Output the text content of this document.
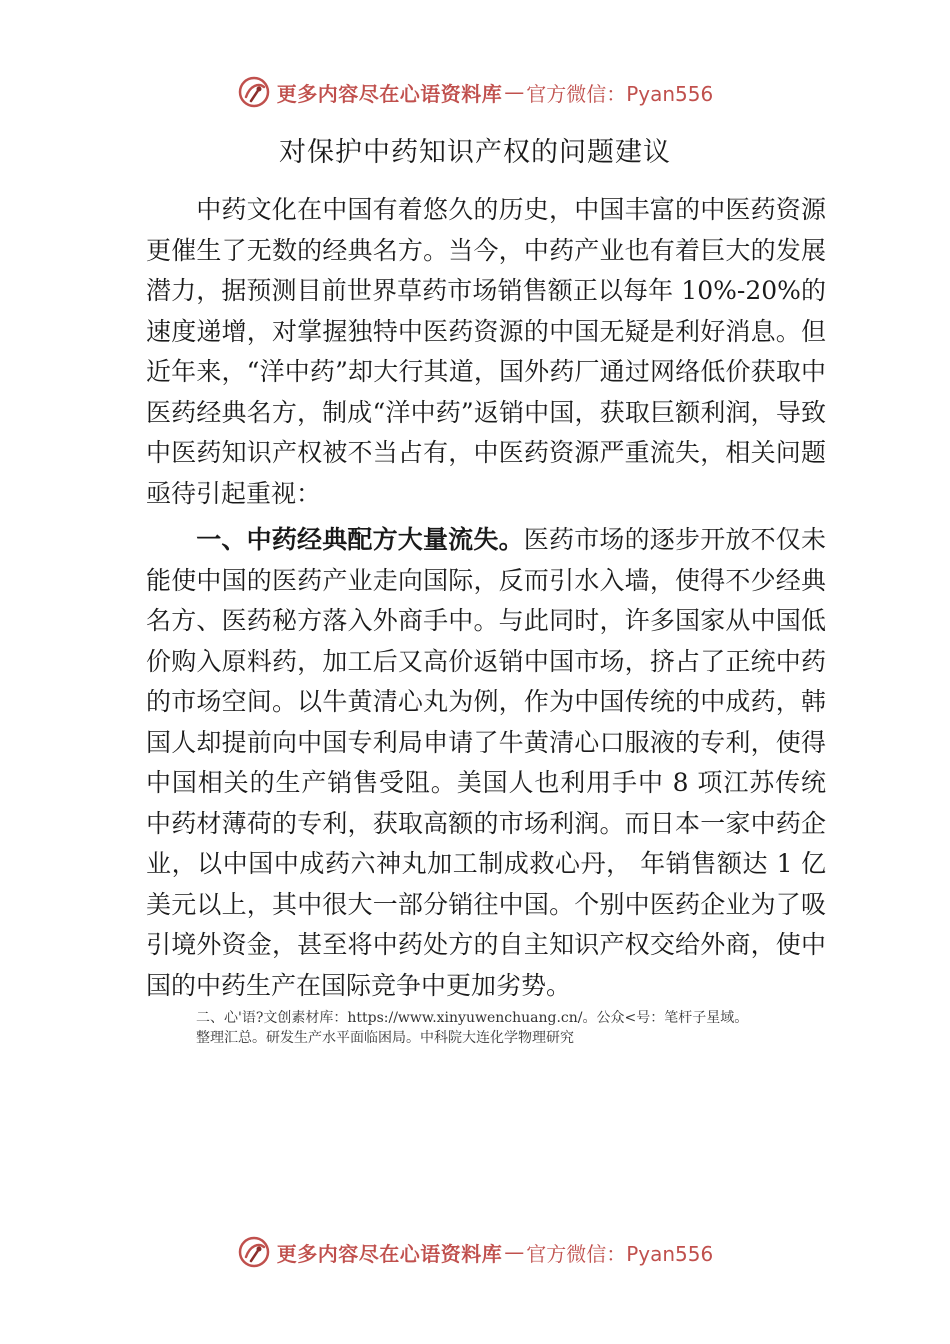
更多内容尽在心语资料库 — 官方微信：Pyan556
对保护中药知识产权的问题建议
中药文化在中国有着悠久的历史，中国丰富的中医药资源更催生了无数的经典名方。当今，中药产业也有着巨大的发展潜力，据预测目前世界草药市场销售额正以每年 10%-20%的速度递增，对掌握独特中医药资源的中国无疑是利好消息。但近年来，“洋中药”却大行其道，国外药厂通过网络低价获取中医药经典名方，制成“洋中药”返销中国，获取巨额利润，导致中医药知识产权被不当占有，中医药资源严重流失，相关问题亟待引起重视：
一、中药经典配方大量流失。医药市场的逐步开放不仅未能使中国的医药产业走向国际，反而引水入墙，使得不少经典名方、医药秘方落入外商手中。与此同时，许多国家从中国低价购入原料药，加工后又高价返销中国市场，挤占了正统中药的市场空间。以牛黄清心丸为例，作为中国传统的中成药，韩国人却提前向中国专利局申请了牛黄清心口服液的专利，使得中国相关的生产销售受阻。美国人也利用手中 8 项江苏传统中药材薄荷的专利，获取高额的市场利润。而日本一家中药企业，以中国中成药六神丸加工制成救心丹， 年销售额达 1 亿美元以上，其中很大一部分销往中国。个别中医药企业为了吸引境外资金，甚至将中药处方的自主知识产权交给外商，使中国的中药生产在国际竞争中更加劣势。
二、心'语?文创素材库：https://www.xinyuwenchuang.cn/。公众<号：笔杆子星域。
整理汇总。研发生产水平面临困局。中科院大连化学物理研究
更多内容尽在心语资料库 — 官方微信：Pyan556
